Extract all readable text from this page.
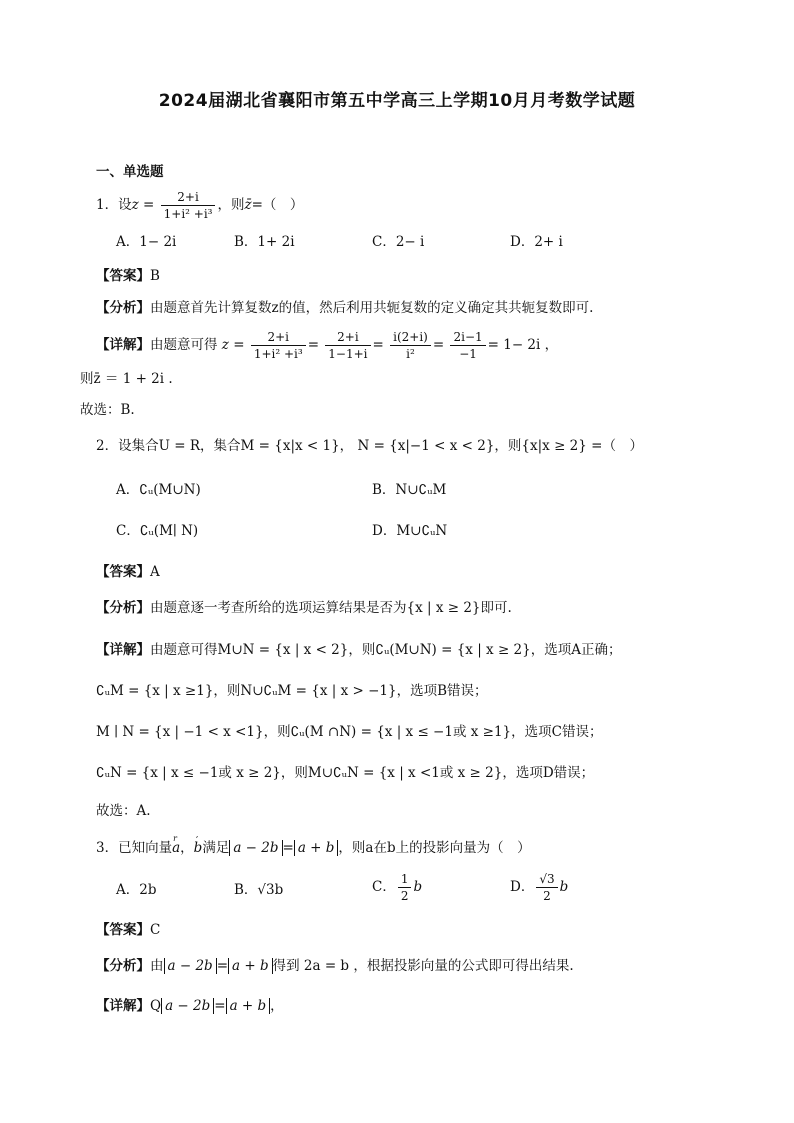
2024届湖北省襄阳市第五中学高三上学期10月月考数学试题
一、单选题
1．设$z = \frac{2+i}{\text{1+i² +i³}}$ ，则z̄=（　）
A．1− 2i	B．1+ 2i	C．2− i	D．2+ i
【答案】B
【分析】由题意首先计算复数z的值，然后利用共轭复数的定义确定其共轭复数即可.
【详解】由题意可得 $z = \frac{2+i}{\text{1+i² +i³}} = \frac{2+i}{1-1+i} = \frac{i(2+i)}{\text{i²}} = \frac{2i-1}{-1} = 1- 2i$ ，
则z̄ ＝ 1 + 2i .
故选：B.
2．设集合U = R，集合M = {x|x < 1}， N = {x|−1 < x < 2}，则{x|x ≥ 2} =（　）
A．∁ᵤ(M∪N)	B．N∪∁ᵤM
C．∁ᵤ(M∣ N)	D．M∪∁ᵤN
【答案】A
【分析】由题意逐一考查所给的选项运算结果是否为{x | x ≥ 2}即可.
【详解】由题意可得M∪N = {x | x < 2}，则∁ᵤ(M∪N) = {x | x ≥ 2}，选项A正确；
∁ᵤM = {x | x ≥1}，则N∪∁ᵤM = {x | x > −1}，选项B错误；
M ∣ N = {x | −1 < x <1}，则∁ᵤ(M ∩N) = {x | x ≤ −1或 x ≥1}，选项C错误；
∁ᵤN = {x | x ≤ −1或 x ≥ 2}，则M∪∁ᵤN = {x | x <1或 x ≥ 2}，选项D错误；
故选：A.
3．已知向量r a，’ b满足 a − 2b = a + b ，则a在b上的投影向量为（　）
A．2b	B．√3b	C． $\frac{1}{2}$ b	D． $\frac{√3}{2}$ b
【答案】C
【分析】由 a − 2b = a + b 得到 2a = b ，根据投影向量的公式即可得出结果.
【详解】Q a − 2b = a + b ，
